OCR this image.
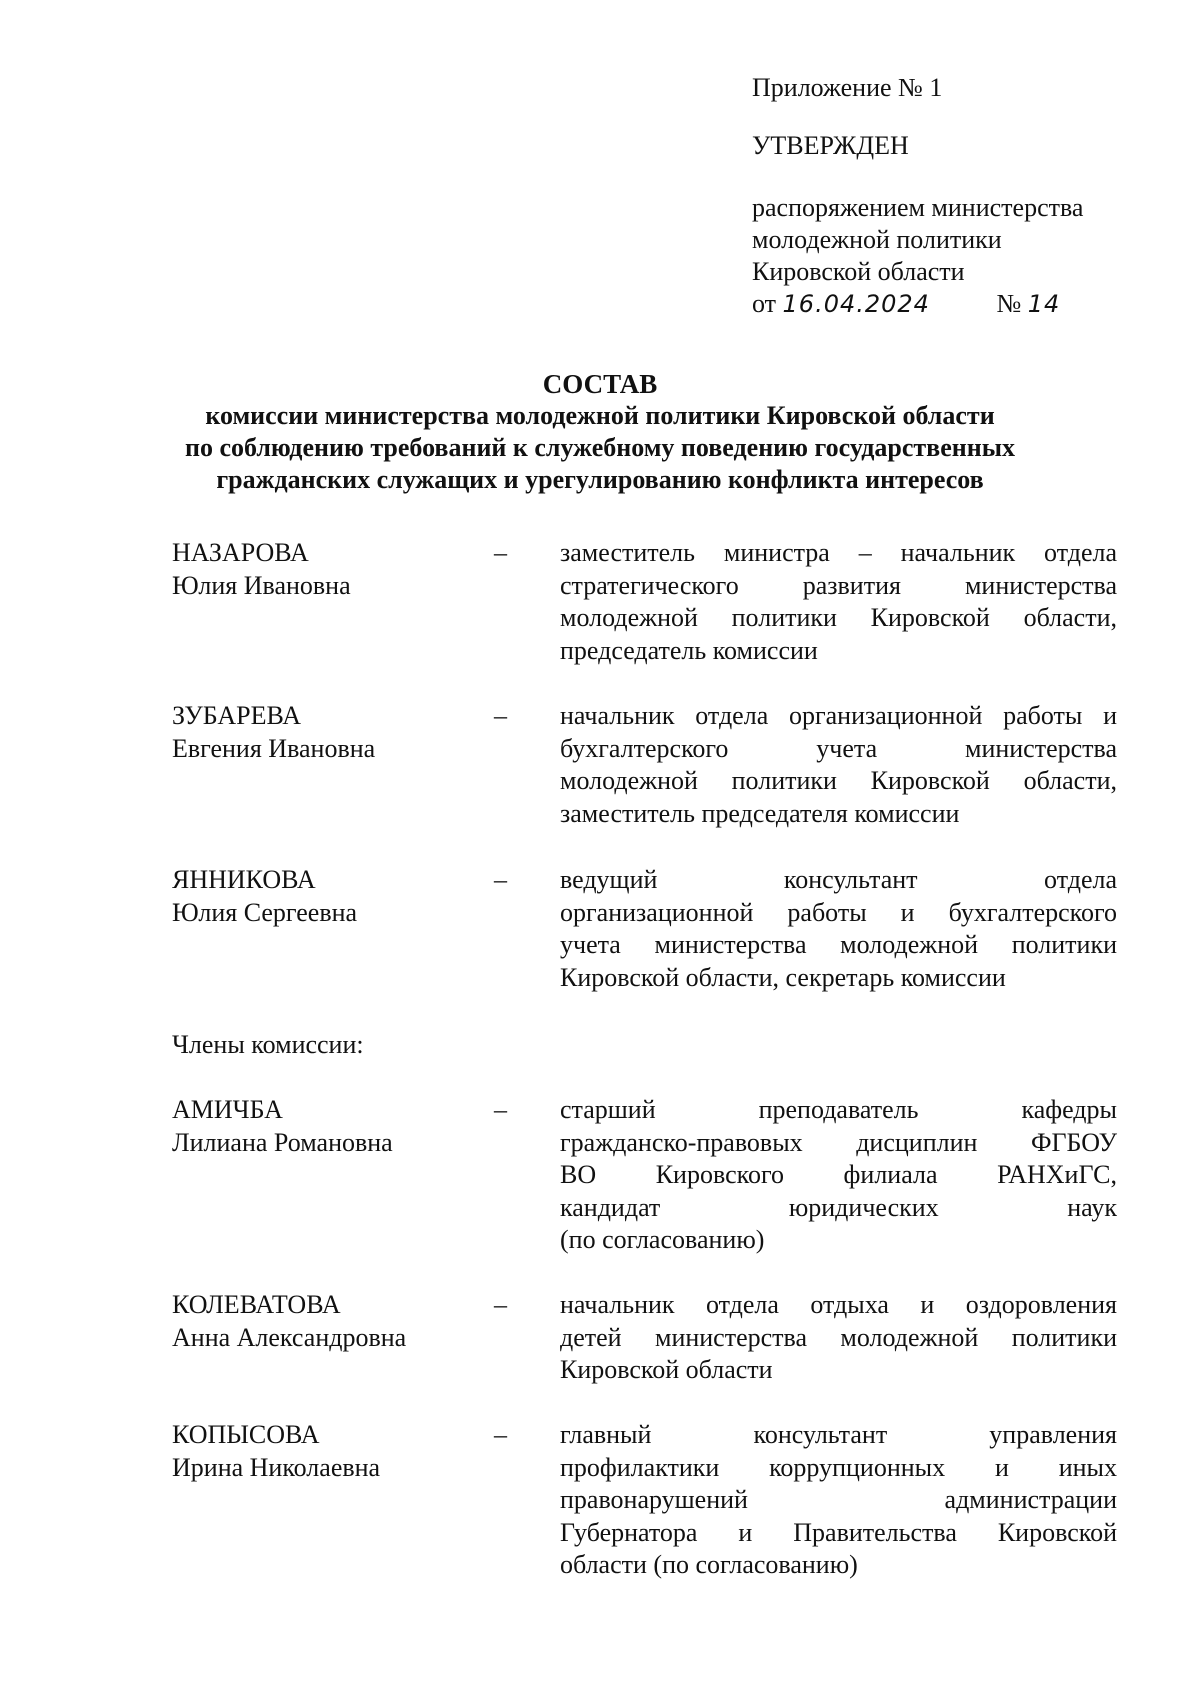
Приложение № 1
УТВЕРЖДЕН
распоряжением министерства
молодежной политики
Кировской области
от 16.04.2024	№ 14
СОСТАВ
комиссии министерства молодежной политики Кировской области
по соблюдению требований к служебному поведению государственных
гражданских служащих и урегулированию конфликта интересов
НАЗАРОВА
Юлия Ивановна
–	заместитель министра – начальник отдела
стратегического развития министерства
молодежной политики Кировской области,
председатель комиссии
ЗУБАРЕВА
Евгения Ивановна
–	начальник отдела организационной работы и
бухгалтерского учета министерства
молодежной политики Кировской области,
заместитель председателя комиссии
ЯННИКОВА
Юлия Сергеевна
–	ведущий консультант отдела
организационной работы и бухгалтерского
учета министерства молодежной политики
Кировской области, секретарь комиссии
Члены комиссии:
АМИЧБА
Лилиана Романовна
–	старший преподаватель кафедры
гражданско-правовых дисциплин ФГБОУ
ВО Кировского филиала РАНХиГС,
кандидат юридических наук
(по согласованию)
КОЛЕВАТОВА
Анна Александровна
–	начальник отдела отдыха и оздоровления
детей министерства молодежной политики
Кировской области
КОПЫСОВА
Ирина Николаевна
–	главный консультант управления
профилактики коррупционных и иных
правонарушений администрации
Губернатора и Правительства Кировской
области (по согласованию)
